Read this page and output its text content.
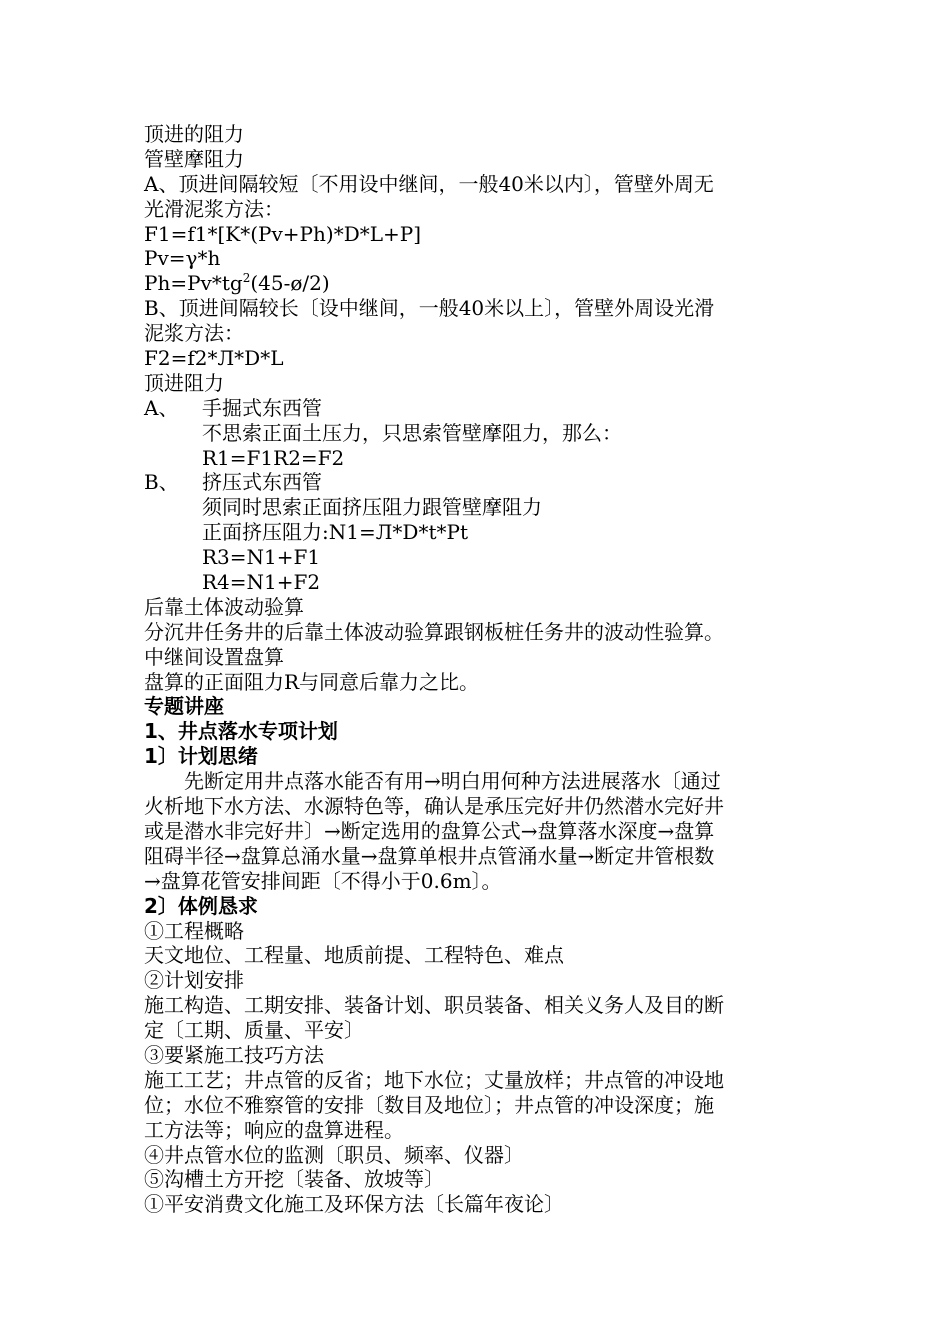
顶进的阻力
管壁摩阻力
A、顶进间隔较短〔不用设中继间，一般40米以内〕，管壁外周无
光滑泥浆方法：
F1=f1*[K*(Pv+Ph)*D*L+P]
Pv=γ*h
$Ph=Pv*tg^2(45-ø/2)$
B、顶进间隔较长〔设中继间，一般40米以上〕，管壁外周设光滑
泥浆方法：
F2=f2*Л*D*L
顶进阻力
A、 手掘式东西管
不思索正面土压力，只思索管壁摩阻力，那么：
R1=F1R2=F2
B、 挤压式东西管
须同时思索正面挤压阻力跟管壁摩阻力
正面挤压阻力:N1=Л*D*t*Pt
R3=N1+F1
R4=N1+F2
后靠土体波动验算
分沉井任务井的后靠土体波动验算跟钢板桩任务井的波动性验算。
中继间设置盘算
盘算的正面阻力R与同意后靠力之比。
专题讲座
1、井点落水专项计划
1〕计划思绪
先断定用井点落水能否有用→明白用何种方法进展落水〔通过
火析地下水方法、水源特色等，确认是承压完好井仍然潜水完好井
或是潜水非完好井〕→断定选用的盘算公式→盘算落水深度→盘算
阻碍半径→盘算总涌水量→盘算单根井点管涌水量→断定井管根数
→盘算花管安排间距〔不得小于0.6m〕。
2〕体例恳求
①工程概略
天文地位、工程量、地质前提、工程特色、难点
②计划安排
施工构造、工期安排、装备计划、职员装备、相关义务人及目的断
定〔工期、质量、平安〕
③要紧施工技巧方法
施工工艺；井点管的反省；地下水位；丈量放样；井点管的冲设地
位；水位不雅察管的安排〔数目及地位〕；井点管的冲设深度；施
工方法等；响应的盘算进程。
④井点管水位的监测〔职员、频率、仪器〕
⑤沟槽土方开挖〔装备、放坡等〕
①平安消费文化施工及环保方法〔长篇年夜论〕
